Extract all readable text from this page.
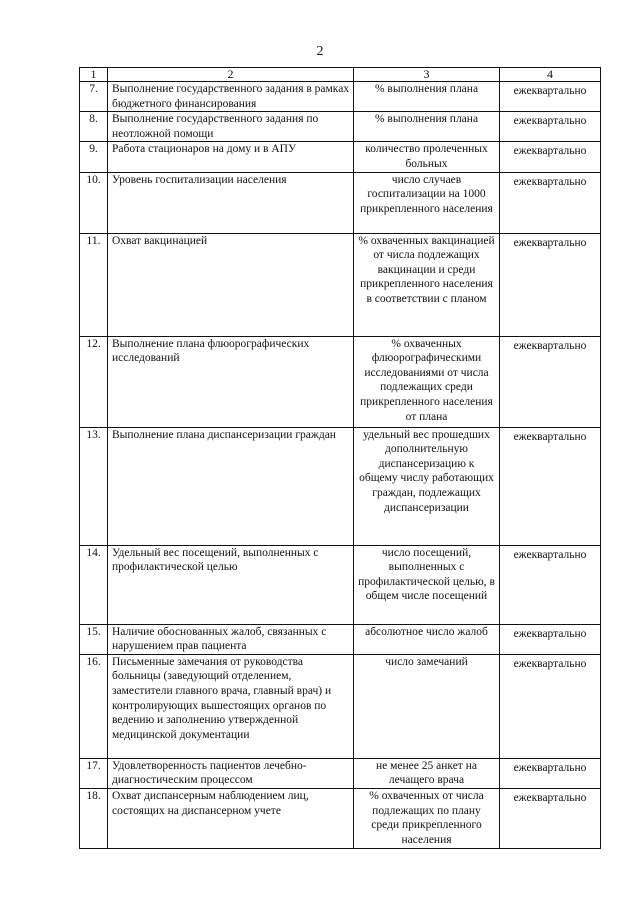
2
1	2	3	4
7.	Выполнение государственного задания в рамках бюджетного финансирования	% выполнения плана	ежеквартально
8.	Выполнение государственного задания по неотложной помощи	% выполнения плана	ежеквартально
9.	Работа стационаров на дому и в АПУ	количество пролеченных больных	ежеквартально
10.	Уровень госпитализации населения	число случаев госпитализации на 1000 прикрепленного населения	ежеквартально
11.	Охват вакцинацией	% охваченных вакцинацией от числа подлежащих вакцинации и среди прикрепленного населения в соответствии с планом	ежеквартально
12.	Выполнение плана флюорографических исследований	% охваченных флюорографическими исследованиями от числа подлежащих среди прикрепленного населения от плана	ежеквартально
13.	Выполнение плана диспансеризации граждан	удельный вес прошедших дополнительную диспансеризацию к общему числу работающих граждан, подлежащих диспансеризации	ежеквартально
14.	Удельный вес посещений, выполненных с профилактической целью	число посещений, выполненных с профилактической целью, в общем числе посещений	ежеквартально
15.	Наличие обоснованных жалоб, связанных с нарушением прав пациента	абсолютное число жалоб	ежеквартально
16.	Письменные замечания от руководства больницы (заведующий отделением, заместители главного врача, главный врач) и контролирующих вышестоящих органов по ведению и заполнению утвержденной медицинской документации	число замечаний	ежеквартально
17.	Удовлетворенность пациентов лечебно-диагностическим процессом	не менее 25 анкет на лечащего врача	ежеквартально
18.	Охват диспансерным наблюдением лиц, состоящих на диспансерном учете	% охваченных от числа подлежащих по плану среди прикрепленного населения	ежеквартально
